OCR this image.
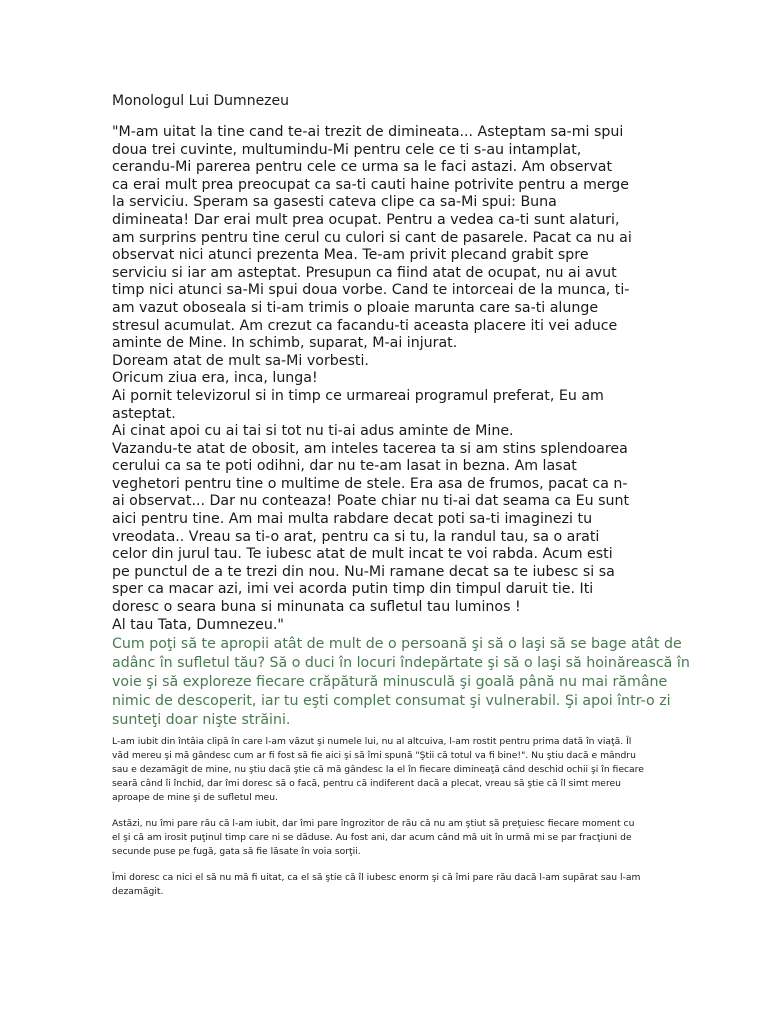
Monologul Lui Dumnezeu
"M-am uitat la tine cand te-ai trezit de dimineata... Asteptam sa-mi spui
doua trei cuvinte, multumindu-Mi pentru cele ce ti s-au intamplat,
cerandu-Mi parerea pentru cele ce urma sa le faci astazi. Am observat
ca erai mult prea preocupat ca sa-ti cauti haine potrivite pentru a merge
la serviciu. Speram sa gasesti cateva clipe ca sa-Mi spui: Buna
dimineata! Dar erai mult prea ocupat. Pentru a vedea ca-ti sunt alaturi,
am surprins pentru tine cerul cu culori si cant de pasarele. Pacat ca nu ai
observat nici atunci prezenta Mea. Te-am privit plecand grabit spre
serviciu si iar am asteptat. Presupun ca fiind atat de ocupat, nu ai avut
timp nici atunci sa-Mi spui doua vorbe. Cand te intorceai de la munca, ti-
am vazut oboseala si ti-am trimis o ploaie maruntа care sa-ti alunge
stresul acumulat. Am crezut ca facandu-ti aceasta placere iti vei aduce
aminte de Mine. In schimb, suparat, M-ai injurat.
Doream atat de mult sa-Mi vorbesti.
Oricum ziua era, inca, lunga!
Ai pornit televizorul si in timp ce urmareai programul preferat, Eu am
asteptat.
Ai cinat apoi cu ai tai si tot nu ti-ai adus aminte de Mine.
Vazandu-te atat de obosit, am inteles tacerea ta si am stins splendoarea
cerului ca sa te poti odihni, dar nu te-am lasat in bezna. Am lasat
veghetori pentru tine o multime de stele. Era asa de frumos, pacat ca n-
ai observat... Dar nu conteaza! Poate chiar nu ti-ai dat seama ca Eu sunt
aici pentru tine. Am mai multa rabdare decat poti sa-ti imaginezi tu
vreodata.. Vreau sa ti-o arat, pentru ca si tu, la randul tau, sa o arati
celor din jurul tau. Te iubesc atat de mult incat te voi rabda. Acum esti
pe punctul de a te trezi din nou. Nu-Mi ramane decat sa te iubesc si sa
sper ca macar azi, imi vei acorda putin timp din timpul daruit tie. Iti
doresc o seara buna si minunata ca sufletul tau luminos !
Al tau Tata, Dumnezeu."
Cum poţi să te apropii atât de mult de o persoană şi să o laşi să se bage atât de
adânc în sufletul tău? Să o duci în locuri îndepărtate şi să o laşi să hoinărească în
voie şi să exploreze fiecare crăpătură minusculă şi goală până nu mai rămâne
nimic de descoperit, iar tu eşti complet consumat şi vulnerabil. Şi apoi într-o zi
sunteţi doar nişte străini.
L-am iubit din întâia clipă în care l-am văzut şi numele lui, nu al altcuiva, l-am rostit pentru prima dată în viaţă. Îl
văd mereu şi mă gândesc cum ar fi fost să fie aici şi să îmi spună "Ştii că totul va fi bine!". Nu ştiu dacă e mândru
sau e dezamăgit de mine, nu ştiu dacă ştie că mă gândesc la el în fiecare dimineaţă când deschid ochii şi în fiecare
seară când îi închid, dar îmi doresc să o facă, pentru că indiferent dacă a plecat, vreau să ştie că îl simt mereu
aproape de mine şi de sufletul meu.
Astăzi, nu îmi pare rău că l-am iubit, dar îmi pare îngrozitor de rău că nu am ştiut să preţuiesc fiecare moment cu
el şi că am irosit puţinul timp care ni se dăduse. Au fost ani, dar acum când mă uit în urmă mi se par fracţiuni de
secunde puse pe fugă, gata să fie lăsate în voia sorţii.
Îmi doresc ca nici el să nu mă fi uitat, ca el să ştie că îl iubesc enorm şi că îmi pare rău dacă l-am supărat sau l-am
dezamăgit.
